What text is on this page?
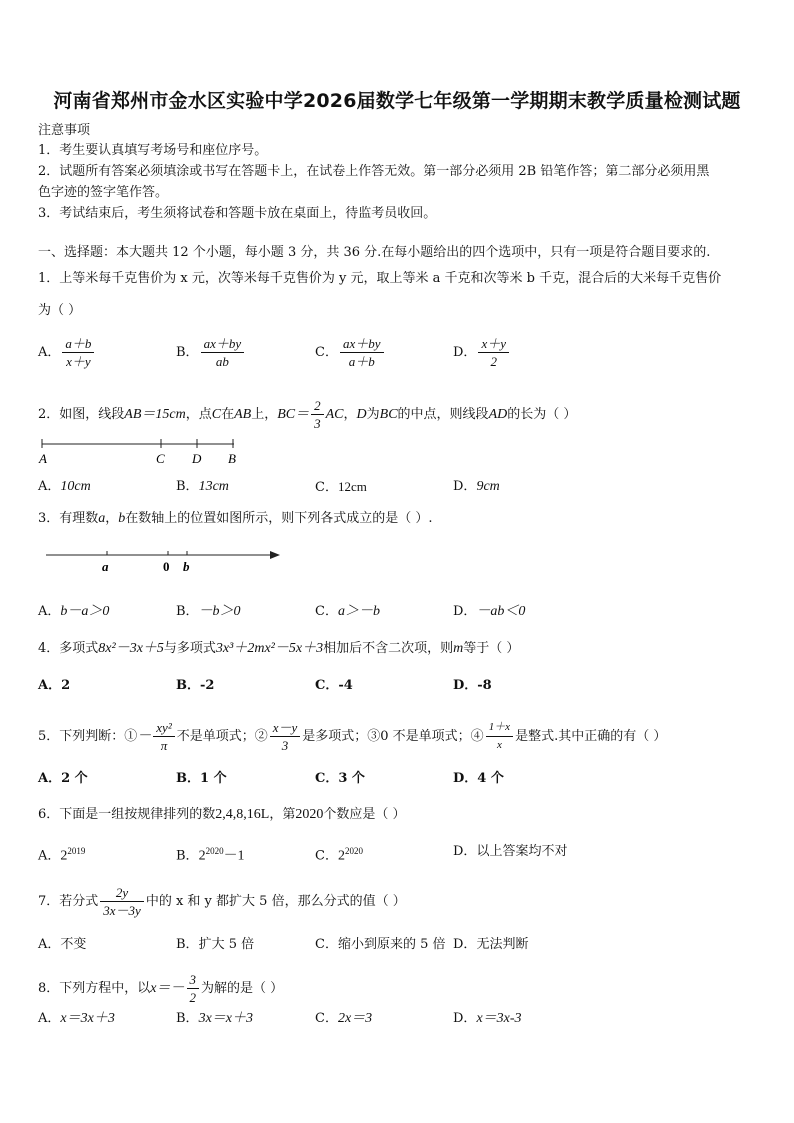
河南省郑州市金水区实验中学2026届数学七年级第一学期期末教学质量检测试题
注意事项
1．考生要认真填写考场号和座位序号。
2．试题所有答案必须填涂或书写在答题卡上，在试卷上作答无效。第一部分必须用 2B 铅笔作答；第二部分必须用黑
色字迹的签字笔作答。
3．考试结束后，考生须将试卷和答题卡放在桌面上，待监考员收回。
一、选择题：本大题共 12 个小题，每小题 3 分，共 36 分.在每小题给出的四个选项中，只有一项是符合题目要求的.
1．上等米每千克售价为 x 元，次等米每千克售价为 y 元，取上等米 a 千克和次等米 b 千克，混合后的大米每千克售价
为（ ）
A． $\frac{a+b}{x+y}$	B． $\frac{ax+by}{ab}$	C． $\frac{ax+by}{a+b}$	D． $\frac{x+y}{2}$
2．如图，线段AB＝15cm，点C在AB上，$BC= \frac{2}{3}$ AC，D为BC的中点，则线段AD的长为（ ）
A	C D B
A．10cm	B．13cm	C．12cm	D．9cm
3．有理数a，b在数轴上的位置如图所示，则下列各式成立的是（ ）.
a	0 b
A．b－a＞0	B．－b＞0	C．a＞－b	D．－ab＜0
4．多项式8x²－3x＋5与多项式3x³＋2mx²－5x＋3相加后不含二次项，则m等于（ ）
A．2	B．-2	C．-4	D．-8
5．下列判断：①－ $\frac{\text{xy²}}{\pi}$ 不是单项式；② $\frac{x-y}{3}$ 是多项式；③0 不是单项式；④ $\frac{1+x}{x}$ 是整式.其中正确的有（ ）
A．2 个	B．1 个	C．3 个	D．4 个
6．下面是一组按规律排列的数2,4,8,16L，第2020个数应是（ ）
A．$2^{2019}$	B．$2^{2020}-1$	C．$2^{2020}$	D．以上答案均不对
7．若分式 $\frac{2y}{3x-3y}$ 中的 x 和 y 都扩大 5 倍，那么分式的值（ ）
A．不变	B．扩大 5 倍	C．缩小到原来的 5 倍 D．无法判断
8．下列方程中，以$x=- \frac{3}{2}$ 为解的是（ ）
A．x＝3x＋3	B．3x＝x＋3	C．2x＝3	D．x＝3x-3
